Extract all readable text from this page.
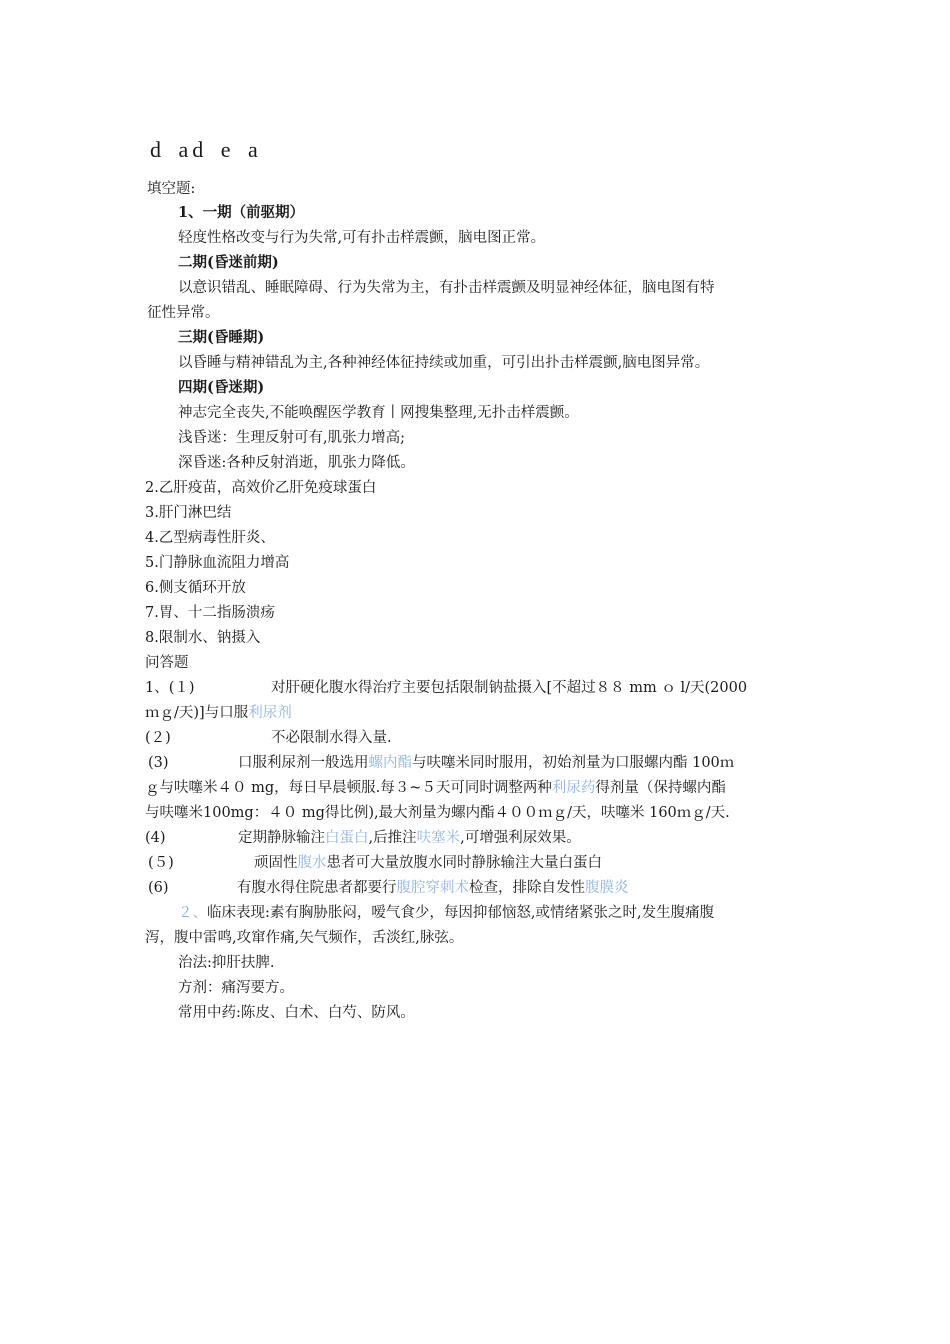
d ad e a
填空题:
1、一期（前驱期）
轻度性格改变与行为失常,可有扑击样震颤，脑电图正常。
二期(昏迷前期)
以意识错乱、睡眠障碍、行为失常为主，有扑击样震颤及明显神经体征，脑电图有特
征性异常。
三期(昏睡期)
以昏睡与精神错乱为主,各种神经体征持续或加重，可引出扑击样震颤,脑电图异常。
四期(昏迷期)
神志完全丧失,不能唤醒医学教育丨网搜集整理,无扑击样震颤。
浅昏迷：生理反射可有,肌张力增高;
深昏迷:各种反射消逝，肌张力降低。
2.乙肝疫苗，高效价乙肝免疫球蛋白
3.肝门淋巴结
4.乙型病毒性肝炎、
5.门静脉血流阻力增高
6.侧支循环开放
7.胃、十二指肠溃疡
8.限制水、钠摄入
问答题
1、(１)	对肝硬化腹水得治疗主要包括限制钠盐摄入[不超过８８ mm ｏ l/天(2000
ｍｇ/天)]与口服利尿剂
(２)	不必限制水得入量.
(3)	口服利尿剂一般选用螺内酯与呋噻米同时服用，初始剂量为口服螺内酯 100ｍ
ｇ与呋噻米４０ mg，每日早晨顿服.每３~５天可同时调整两种利尿药得剂量（保持螺内酯
与呋噻米100mg：４０ mg得比例),最大剂量为螺内酯４００ｍｇ/天，呋噻米 160ｍｇ/天.
(4)	定期静脉输注白蛋白,后推注呋塞米,可增强利尿效果。
(５)	顽固性腹水患者可大量放腹水同时静脉输注大量白蛋白
(6)	有腹水得住院患者都要行腹腔穿刺术检查，排除自发性腹膜炎
２、临床表现:素有胸胁胀闷，嗳气食少，每因抑郁恼怒,或情绪紧张之时,发生腹痛腹
泻，腹中雷鸣,攻窜作痛,矢气频作，舌淡红,脉弦。
治法:抑肝扶脾.
方剂：痛泻要方。
常用中药:陈皮、白术、白芍、防风。
